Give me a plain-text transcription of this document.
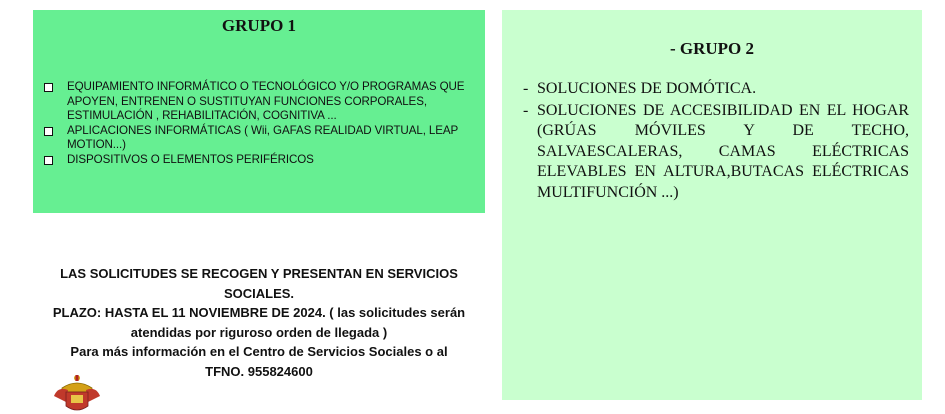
GRUPO 1
EQUIPAMIENTO INFORMÁTICO O TECNOLÓGICO Y/O PROGRAMAS QUE APOYEN, ENTRENEN O SUSTITUYAN FUNCIONES CORPORALES, ESTIMULACIÓN , REHABILITACIÓN, COGNITIVA ...
APLICACIONES INFORMÁTICAS ( Wii, GAFAS REALIDAD VIRTUAL, LEAP MOTION...)
DISPOSITIVOS O ELEMENTOS PERIFÉRICOS
- GRUPO 2
- SOLUCIONES DE DOMÓTICA.
- SOLUCIONES DE ACCESIBILIDAD EN EL HOGAR (GRÚAS MÓVILES Y DE TECHO, SALVAESCALERAS, CAMAS ELÉCTRICAS ELEVABLES EN ALTURA,BUTACAS ELÉCTRICAS MULTIFUNCIÓN ...)

LAS SOLICITUDES SE RECOGEN Y PRESENTAN EN SERVICIOS SOCIALES.

PLAZO: HASTA EL 11 NOVIEMBRE DE 2024. ( las solicitudes serán atendidas por riguroso orden de llegada )

Para más información en el Centro de Servicios Sociales o al

TFNO. 955824600
